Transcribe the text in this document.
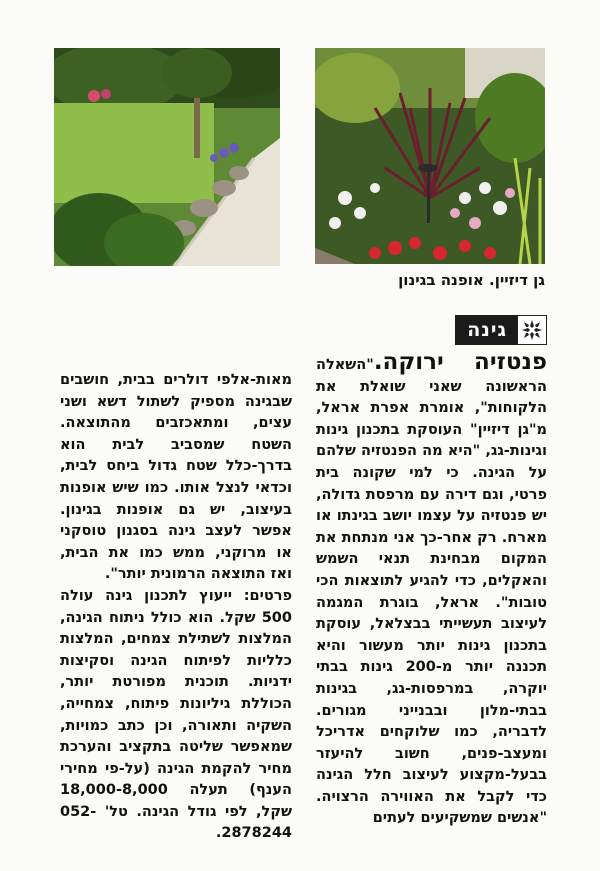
גן דיזיין. אופנה בגינון
גינה

פנטזיה ירוקה."השאלה הראשונה שאני שואלת את הלקוחות", אומרת אפרת אראל, מ"גן דיזיין" העוסקת בתכנון גינות וגינות-גג, "היא מה הפנטזיה שלהם על הגינה. כי למי שקונה בית פרטי, וגם דירה עם מרפסת גדולה, יש פנטזיה על עצמו יושב בגינתו או מארח. רק אחר-כך אני מנתחת את המקום מבחינת תנאי השמש והאקלים, כדי להגיע לתוצאות הכי טובות". אראל, בוגרת המגמה לעיצוב תעשייתי בבצלאל, עוסקת בתכנון גינות יותר מעשור והיא תכננה יותר מ-200 גינות בבתי יוקרה, במרפסות-גג, בגינות בבתי-מלון ובבנייני מגורים. לדבריה, כמו שלוקחים אדריכל ומעצב-פנים, חשוב להיעזר בבעל-מקצוע לעיצוב חלל הגינה כדי לקבל את האווירה הרצויה. "אנשים שמשקיעים לעתים

מאות-אלפי דולרים בבית, חושבים שבגינה מספיק לשתול דשא ושני עצים, ומתאכזבים מהתוצאה. השטח שמסביב לבית הוא בדרך-כלל שטח גדול ביחס לבית, וכדאי לנצל אותו. כמו שיש אופנות בעיצוב, יש גם אופנות בגינון. אפשר לעצב גינה בסגנון טוסקני או מרוקני, ממש כמו את הבית, ואז התוצאה הרמונית יותר".

פרטים: ייעוץ לתכנון גינה עולה 500 שקל. הוא כולל ניתוח הגינה, המלצות לשתילת צמחים, המלצות כלליות לפיתוח הגינה וסקיצות ידניות. תוכנית מפורטת יותר, הכוללת גיליונות פיתוח, צמחייה, השקיה ותאורה, וכן כתב כמויות, שמאפשר שליטה בתקציב והערכת מחיר להקמת הגינה (על-פי מחירי הענף) תעלה 18,000-8,000 שקל, לפי גודל הגינה. טל' 052-2878244.
